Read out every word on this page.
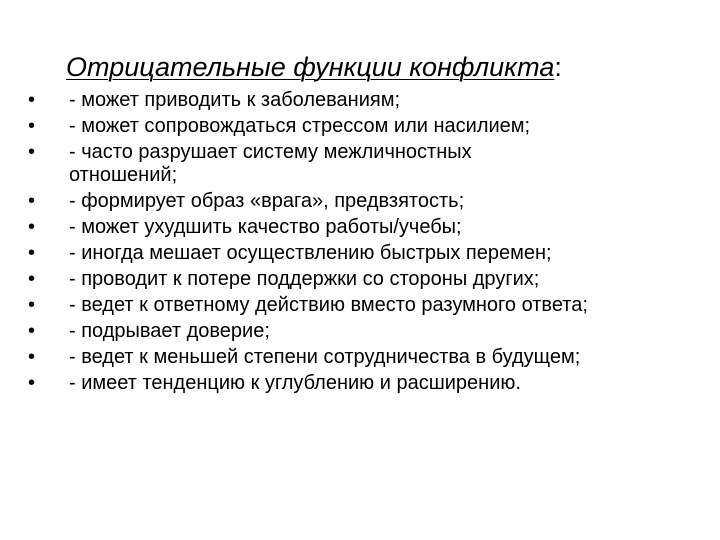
Отрицательные функции конфликта:
• - может приводить к заболеваниям;
• - может сопровождаться стрессом или насилием;
• - часто разрушает систему межличностных отношений;
• - формирует образ «врага», предвзятость;
• - может ухудшить качество работы/учебы;
• - иногда мешает осуществлению быстрых перемен;
• - проводит к потере поддержки со стороны других;
• - ведет к ответному действию вместо разумного ответа;
• - подрывает доверие;
• - ведет к меньшей степени сотрудничества в будущем;
• - имеет тенденцию к углублению и расширению.
